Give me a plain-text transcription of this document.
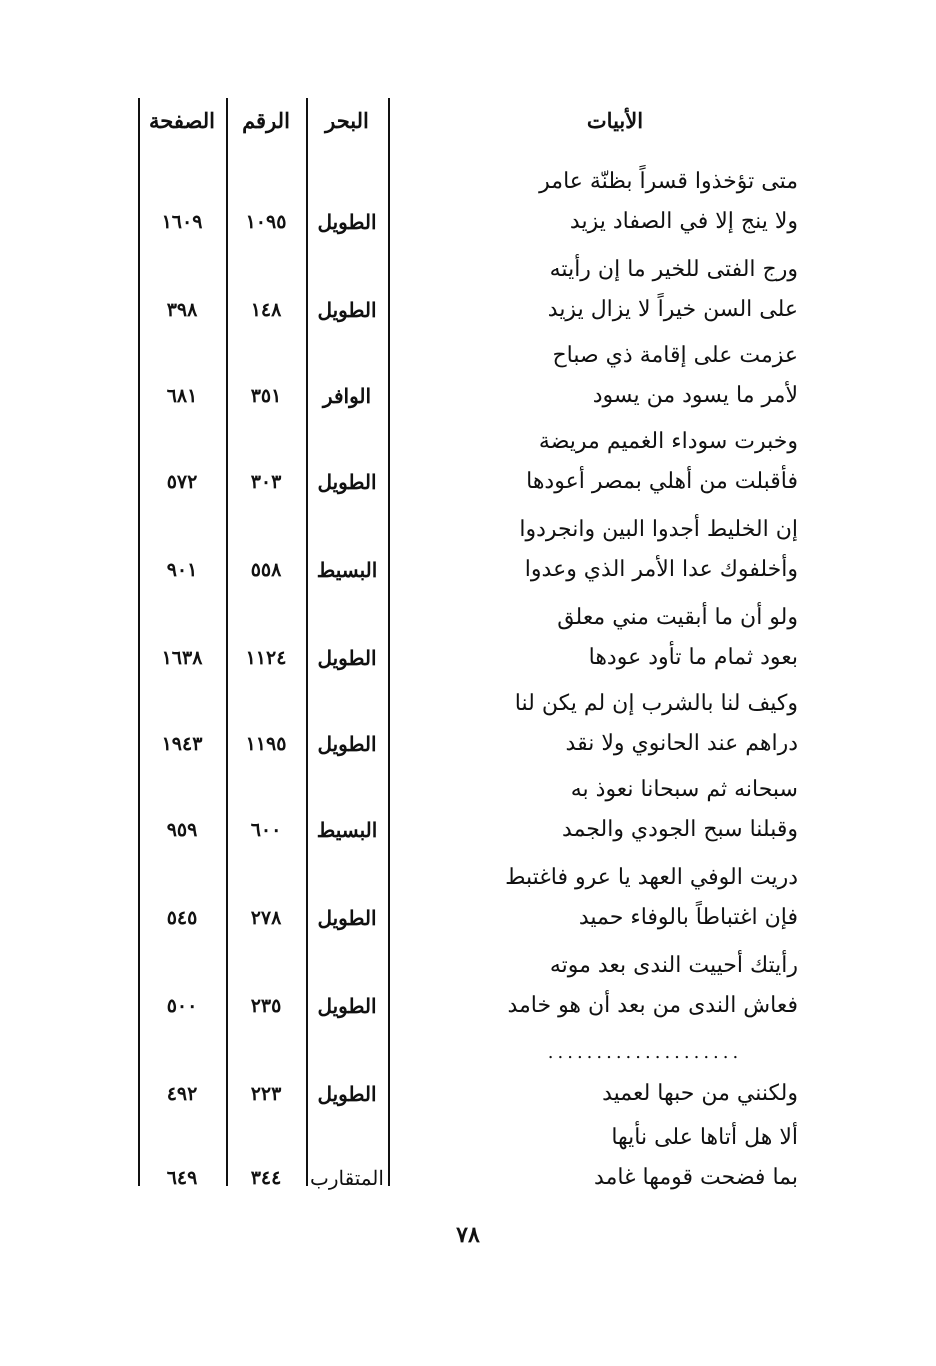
الأبيات
البحر
الرقم
الصفحة
متى تؤخذوا قسراً بظنّة عامر
ولا ينج إلا في الصفاد يزيد
الطويل
١٠٩٥
١٦٠٩
ورج الفتى للخير ما إن رأيته
على السن خيراً لا يزال يزيد
الطويل
١٤٨
٣٩٨
عزمت على إقامة ذي صباح
لأمر ما يسود من يسود
الوافر
٣٥١
٦٨١
وخبرت سوداء الغميم مريضة
فأقبلت من أهلي بمصر أعودها
الطويل
٣٠٣
٥٧٢
إن الخليط أجدوا البين وانجردوا
وأخلفوك عدا الأمر الذي وعدوا
البسيط
٥٥٨
٩٠١
ولو أن ما أبقيت مني معلق
بعود ثمام ما تأود عودها
الطويل
١١٢٤
١٦٣٨
وكيف لنا بالشرب إن لم يكن لنا
دراهم عند الحانوي ولا نقد
الطويل
١١٩٥
١٩٤٣
سبحانه ثم سبحانا نعوذ به
وقبلنا سبح الجودي والجمد
البسيط
٦٠٠
٩٥٩
دريت الوفي العهد يا عرو فاغتبط
فإن اغتباطاً بالوفاء حميد
الطويل
٢٧٨
٥٤٥
رأيتك أحييت الندى بعد موته
فعاش الندى من بعد أن هو خامد
الطويل
٢٣٥
٥٠٠
....................
ولكنني من حبها لعميد
الطويل
٢٢٣
٤٩٢
ألا هل أتاها على نأيها
بما فضحت قومها غامد
المتقارب
٣٤٤
٦٤٩
٧٨
